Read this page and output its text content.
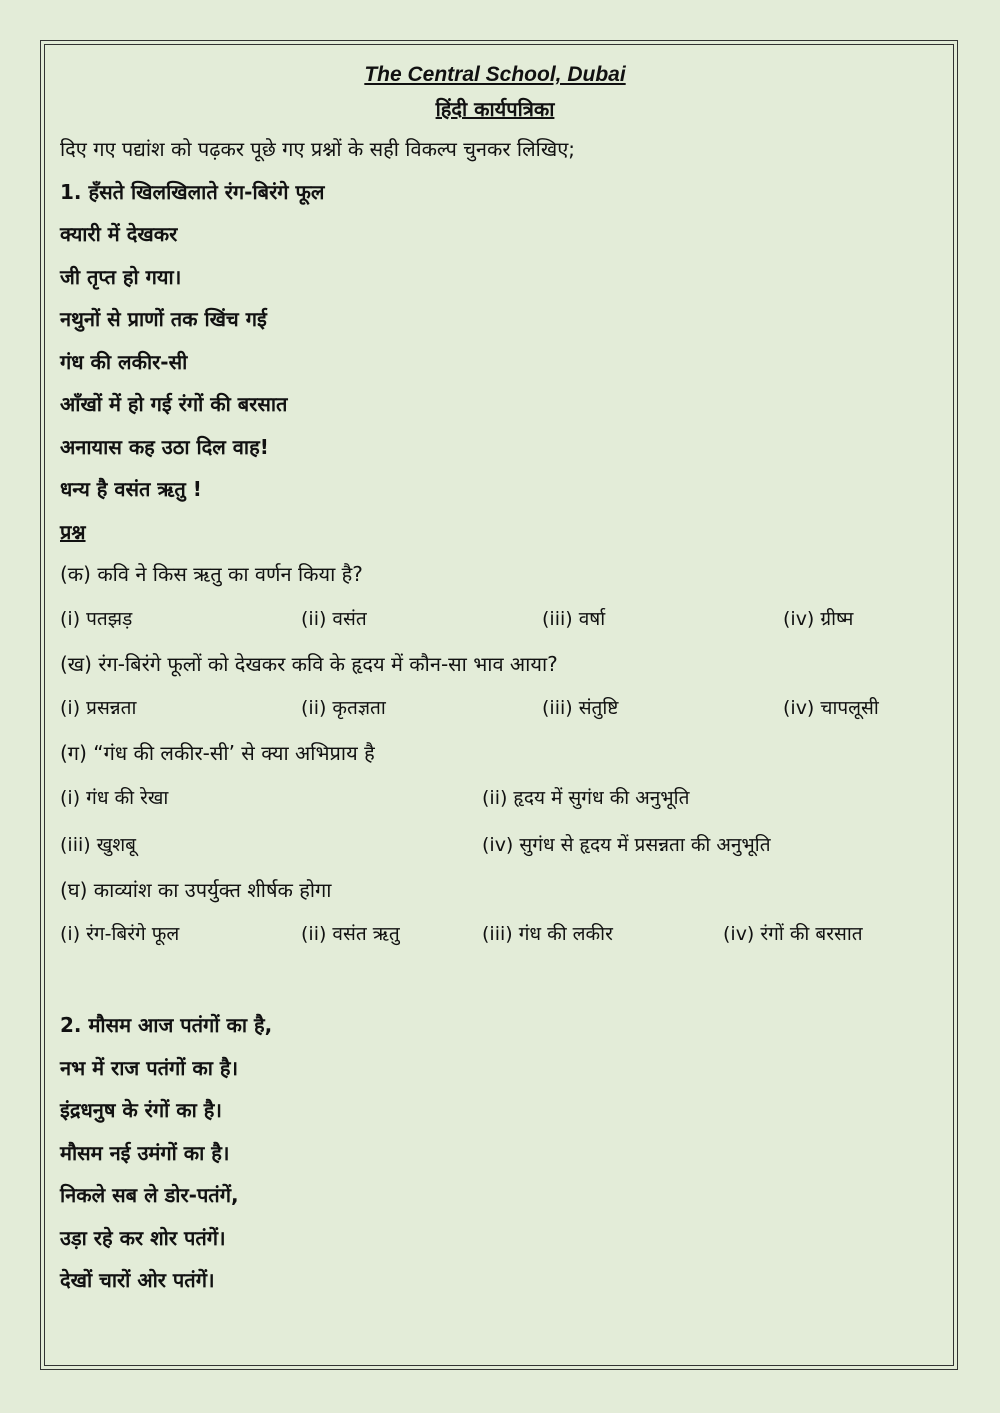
The Central School, Dubai
हिंदी कार्यपत्रिका
दिए गए पद्यांश को पढ़कर पूछे गए प्रश्नों के सही विकल्प चुनकर लिखिए;
1. हँसते खिलखिलाते रंग-बिरंगे फूल
क्यारी में देखकर
जी तृप्त हो गया।
नथुनों से प्राणों तक खिंच गई
गंध की लकीर-सी
आँखों में हो गई रंगों की बरसात
अनायास कह उठा दिल वाह!
धन्य है वसंत ऋतु !
प्रश्न
(क) कवि ने किस ऋतु का वर्णन किया है?
(i) पतझड़	(ii) वसंत	(iii) वर्षा	(iv) ग्रीष्म
(ख) रंग-बिरंगे फूलों को देखकर कवि के हृदय में कौन-सा भाव आया?
(i) प्रसन्नता	(ii) कृतज्ञता	(iii) संतुष्टि	(iv) चापलूसी
(ग) “गंध की लकीर-सी’ से क्या अभिप्राय है
(i) गंध की रेखा	(ii) हृदय में सुगंध की अनुभूति
(iii) खुशबू	(iv) सुगंध से हृदय में प्रसन्नता की अनुभूति
(घ) काव्यांश का उपर्युक्त शीर्षक होगा
(i) रंग-बिरंगे फूल	(ii) वसंत ऋतु	(iii) गंध की लकीर	(iv) रंगों की बरसात
2. मौसम आज पतंगों का है,
नभ में राज पतंगों का है।
इंद्रधनुष के रंगों का है।
मौसम नई उमंगों का है।
निकले सब ले डोर-पतंगें,
उड़ा रहे कर शोर पतंगें।
देखों चारों ओर पतंगें।
